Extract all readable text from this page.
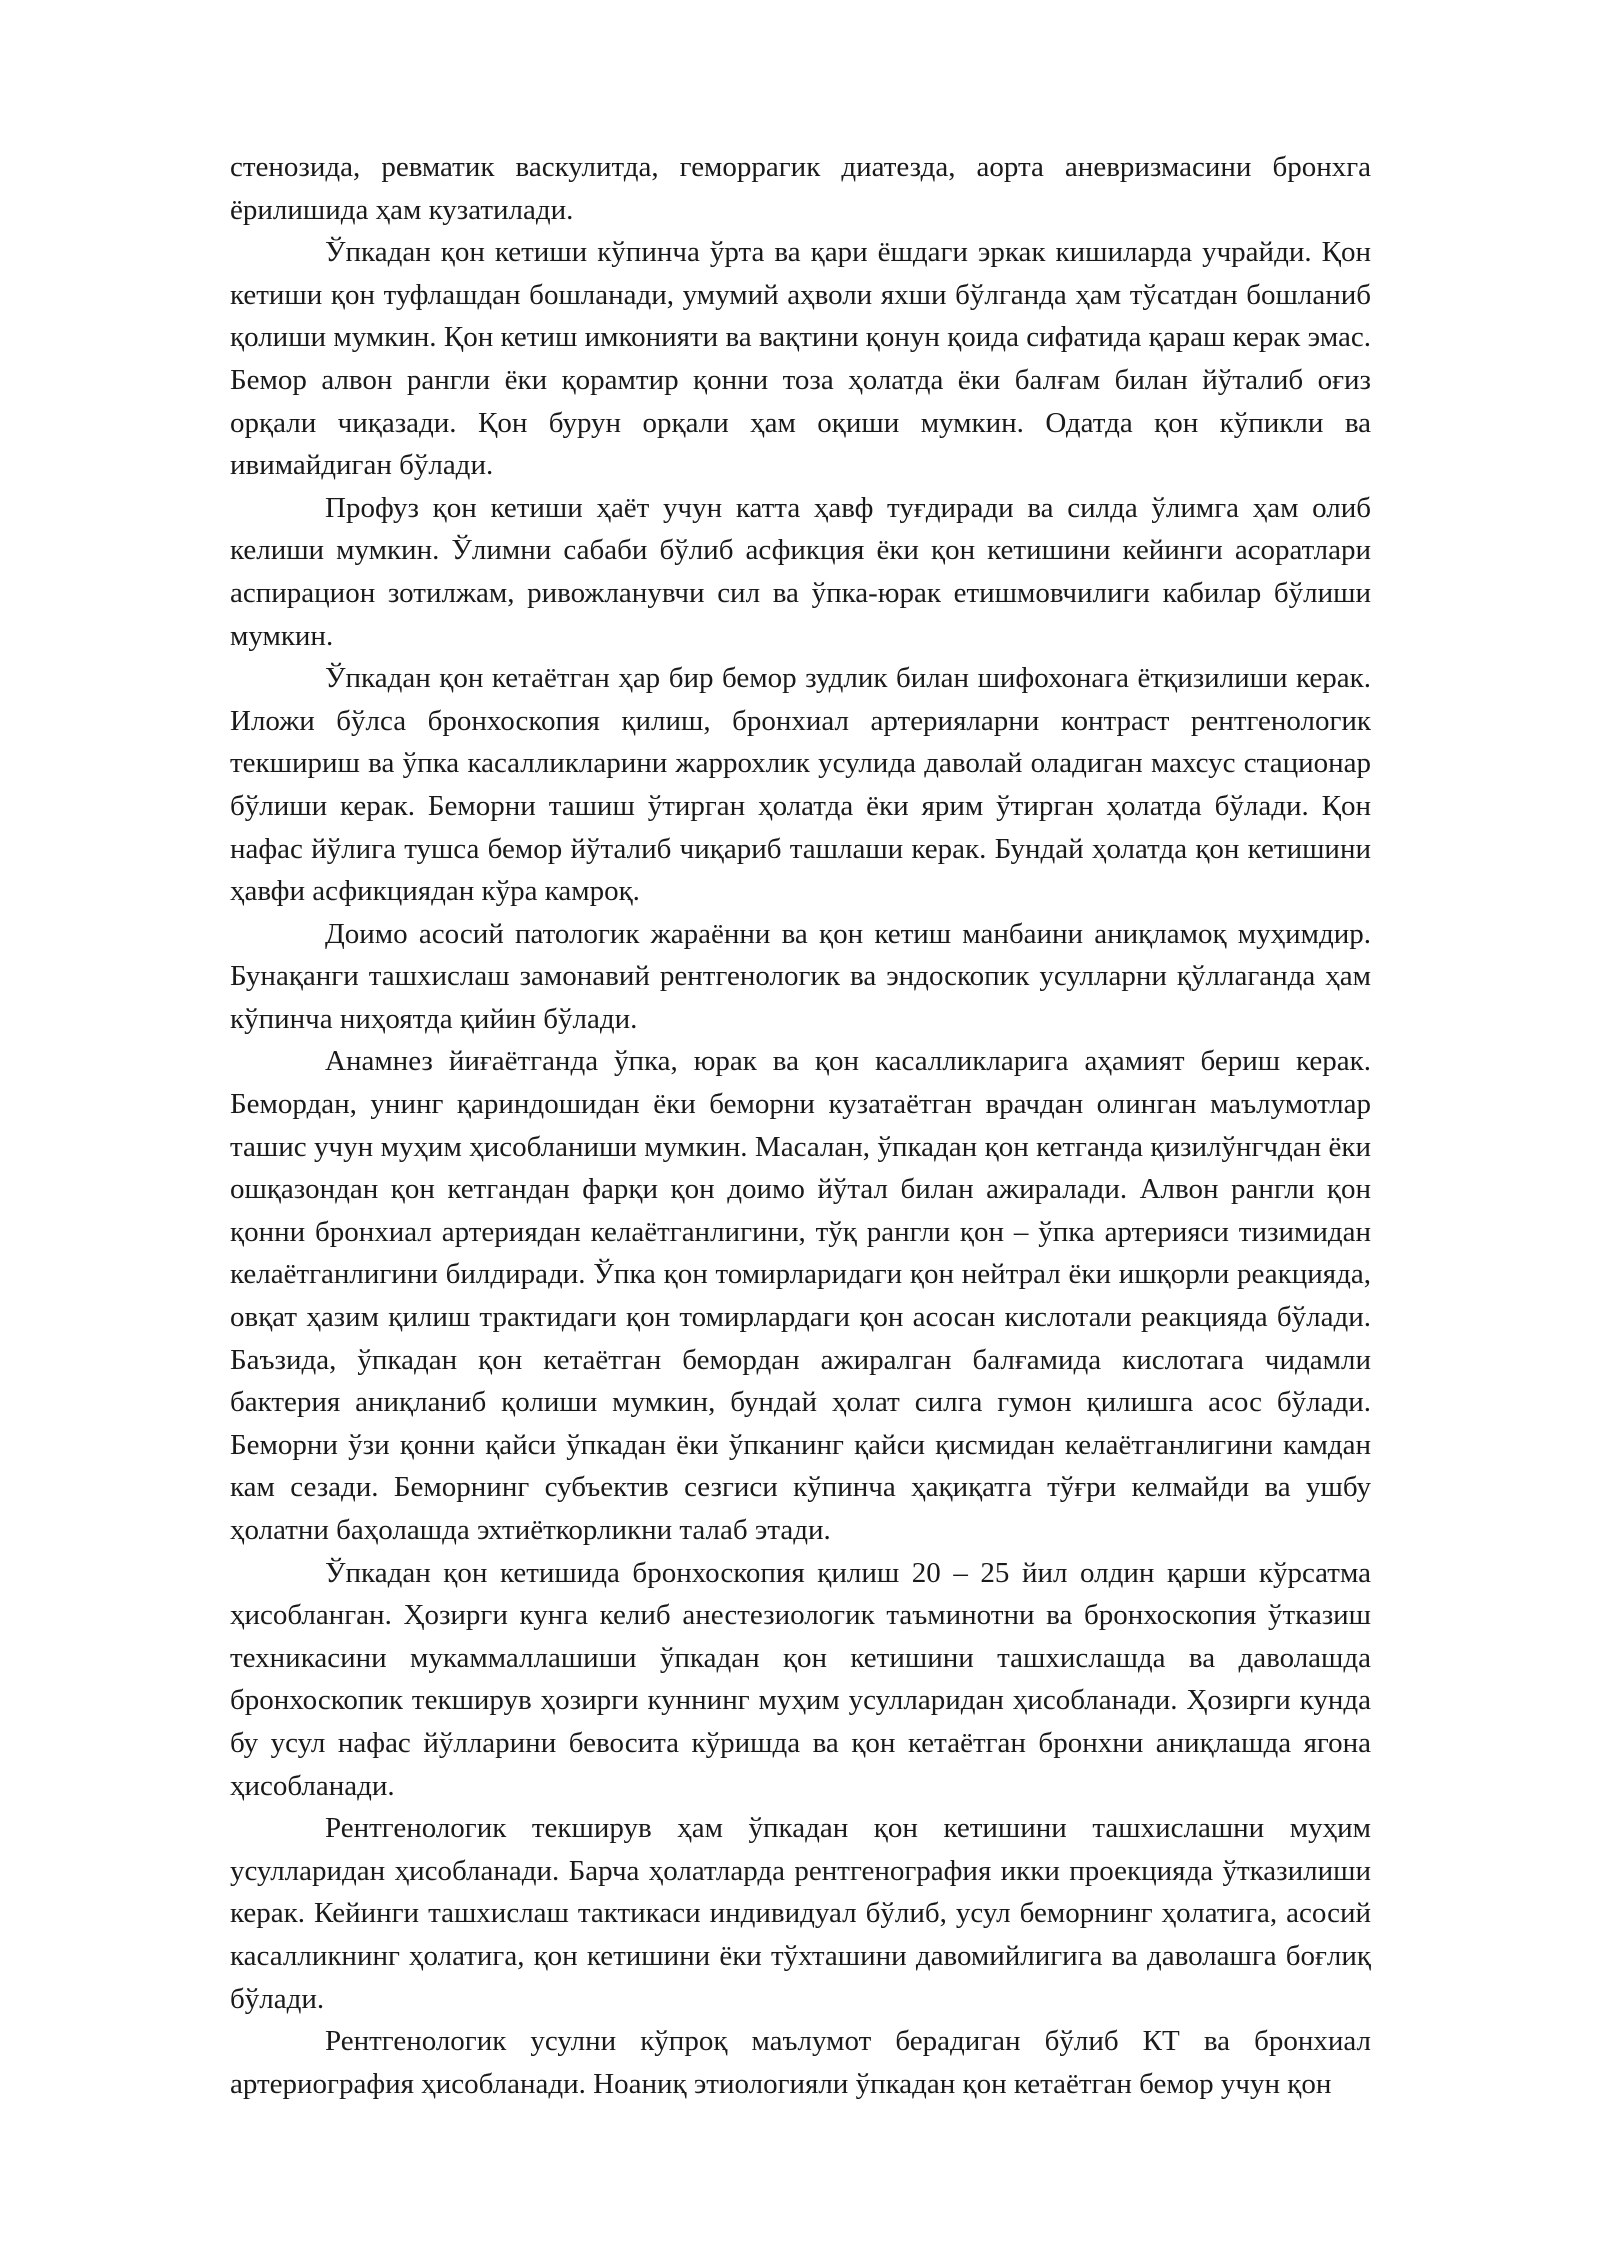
стенозида, ревматик васкулитда, геморрагик диатезда, аорта аневризмасини бронхга ёрилишида ҳам кузатилади.

Ўпкадан қон кетиши кўпинча ўрта ва қари ёшдаги эркак кишиларда учрайди. Қон кетиши қон туфлашдан бошланади, умумий аҳволи яхши бўлганда ҳам тўсатдан бошланиб қолиши мумкин. Қон кетиш имконияти ва вақтини қонун қоида сифатида қараш керак эмас. Бемор алвон рангли ёки қорамтир қонни тоза ҳолатда ёки балғам билан йўталиб оғиз орқали чиқазади. Қон бурун орқали ҳам оқиши мумкин. Одатда қон кўпикли ва ивимайдиган бўлади.

Профуз қон кетиши ҳаёт учун катта ҳавф туғдиради ва силда ўлимга ҳам олиб келиши мумкин. Ўлимни сабаби бўлиб асфикция ёки қон кетишини кейинги асоратлари аспирацион зотилжам, ривожланувчи сил ва ўпка-юрак етишмовчилиги кабилар бўлиши мумкин.

Ўпкадан қон кетаётган ҳар бир бемор зудлик билан шифохонага ётқизилиши керак. Иложи бўлса бронхоскопия қилиш, бронхиал артерияларни контраст рентгенологик текшириш ва ўпка касалликларини жаррохлик усулида даволай оладиган махсус стационар бўлиши керак. Беморни ташиш ўтирган ҳолатда ёки ярим ўтирган ҳолатда бўлади. Қон нафас йўлига тушса бемор йўталиб чиқариб ташлаши керак. Бундай ҳолатда қон кетишини ҳавфи асфикциядан кўра камроқ.

Доимо асосий патологик жараённи ва қон кетиш манбаини аниқламоқ муҳимдир. Бунақанги ташхислаш замонавий рентгенологик ва эндоскопик усулларни қўллаганда ҳам кўпинча ниҳоятда қийин бўлади.

Анамнез йиғаётганда ўпка, юрак ва қон касалликларига аҳамият бериш керак. Бемордан, унинг қариндошидан ёки беморни кузатаётган врачдан олинган маълумотлар ташис учун муҳим ҳисобланиши мумкин. Масалан, ўпкадан қон кетганда қизилўнгчдан ёки ошқазондан қон кетгандан фарқи қон доимо йўтал билан ажиралади. Алвон рангли қон қонни бронхиал артериядан келаётганлигини, тўқ рангли қон – ўпка артерияси тизимидан келаётганлигини билдиради. Ўпка қон томирларидаги қон нейтрал ёки ишқорли реакцияда, овқат ҳазим қилиш трактидаги қон томирлардаги қон асосан кислотали реакцияда бўлади. Баъзида, ўпкадан қон кетаётган бемордан ажиралган балғамида кислотага чидамли бактерия аниқланиб қолиши мумкин, бундай ҳолат силга гумон қилишга асос бўлади. Беморни ўзи қонни қайси ўпкадан ёки ўпканинг қайси қисмидан келаётганлигини камдан кам сезади. Беморнинг субъектив сезгиси кўпинча ҳақиқатга тўғри келмайди ва ушбу ҳолатни баҳолашда эхтиёткорликни талаб этади.

Ўпкадан қон кетишида бронхоскопия қилиш 20 – 25 йил олдин қарши кўрсатма ҳисобланган. Ҳозирги кунга келиб анестезиологик таъминотни ва бронхоскопия ўтказиш техникасини мукаммаллашиши ўпкадан қон кетишини ташхислашда ва даволашда бронхоскопик текширув ҳозирги куннинг муҳим усулларидан ҳисобланади. Ҳозирги кунда бу усул нафас йўлларини бевосита кўришда ва қон кетаётган бронхни аниқлашда ягона ҳисобланади.

Рентгенологик текширув ҳам ўпкадан қон кетишини ташхислашни муҳим усулларидан ҳисобланади. Барча ҳолатларда рентгенография икки проекцияда ўтказилиши керак. Кейинги ташхислаш тактикаси индивидуал бўлиб, усул беморнинг ҳолатига, асосий касалликнинг ҳолатига, қон кетишини ёки тўхташини давомийлигига ва даволашга боғлиқ бўлади.

Рентгенологик усулни кўпроқ маълумот берадиган бўлиб КТ ва бронхиал артериография ҳисобланади. Ноаниқ этиологияли ўпкадан қон кетаётган бемор учун қон
